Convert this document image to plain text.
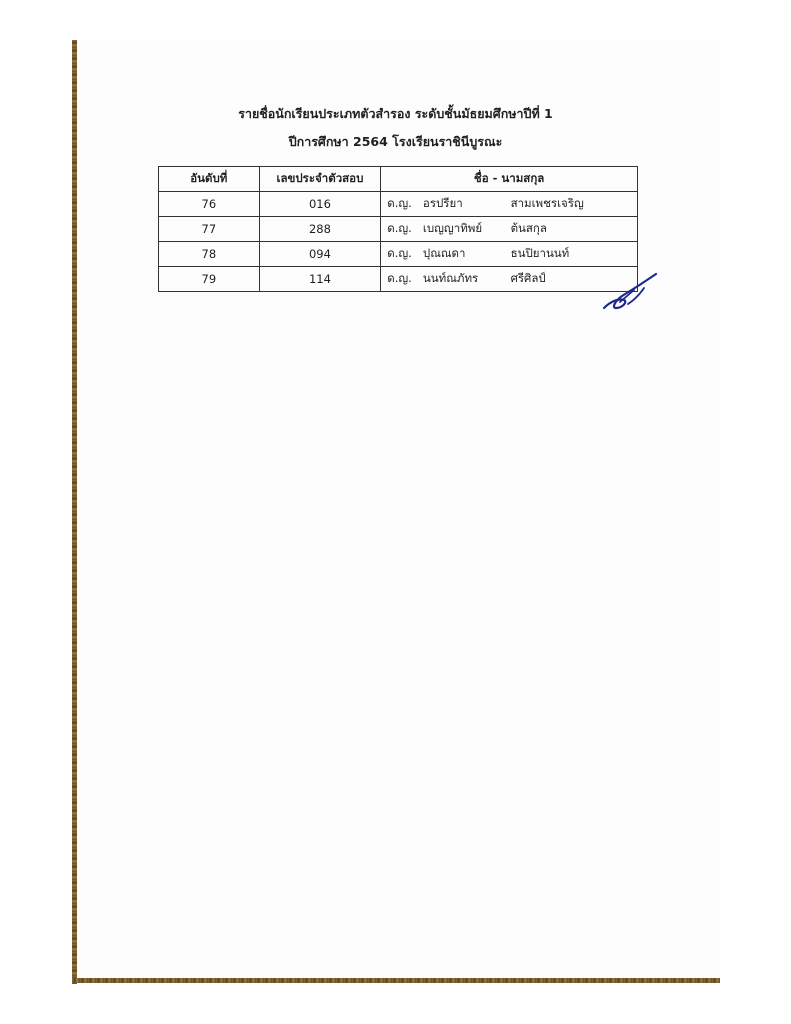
รายชื่อนักเรียนประเภทตัวสำรอง ระดับชั้นมัธยมศึกษาปีที่ 1
ปีการศึกษา 2564 โรงเรียนราชินีบูรณะ
อันดับที่	เลขประจำตัวสอบ	ชื่อ - นามสกุล
76	016	ด.ญ. อรปรียา สามเพชรเจริญ
77	288	ด.ญ. เบญญาทิพย์ ต้นสกุล
78	094	ด.ญ. ปุณณดา ธนปิยานนท์
79	114	ด.ญ. นนท์ณภัทร ศรีศิลป์
